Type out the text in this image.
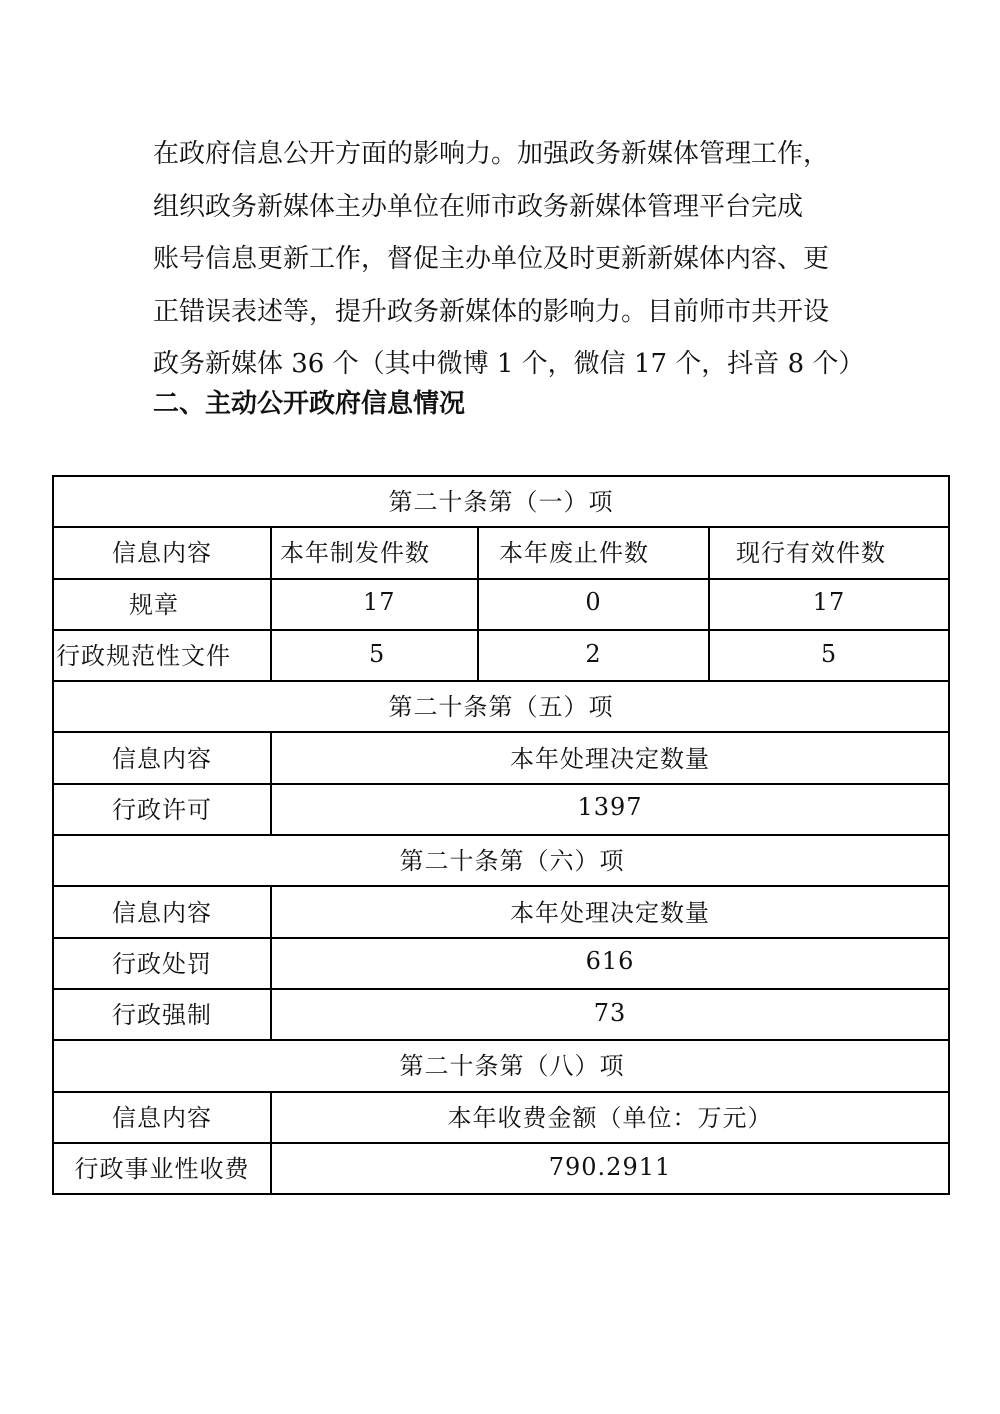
在政府信息公开方面的影响力。加强政务新媒体管理工作，
组织政务新媒体主办单位在师市政务新媒体管理平台完成
账号信息更新工作，督促主办单位及时更新新媒体内容、更
正错误表述等，提升政务新媒体的影响力。目前师市共开设
政务新媒体 36 个（其中微博 1 个，微信 17 个，抖音 8 个）
二、主动公开政府信息情况
第二十条第（一）项			
信息内容	本年制发件数	本年废止件数	现行有效件数
规章	17	0	17
行政规范性文件	5	2	5
第二十条第（五）项			
信息内容	本年处理决定数量		
行政许可	1397		
第二十条第（六）项			
信息内容	本年处理决定数量		
行政处罚	616		
行政强制	73		
第二十条第（八）项			
信息内容	本年收费金额（单位：万元）		
行政事业性收费	790.2911		
